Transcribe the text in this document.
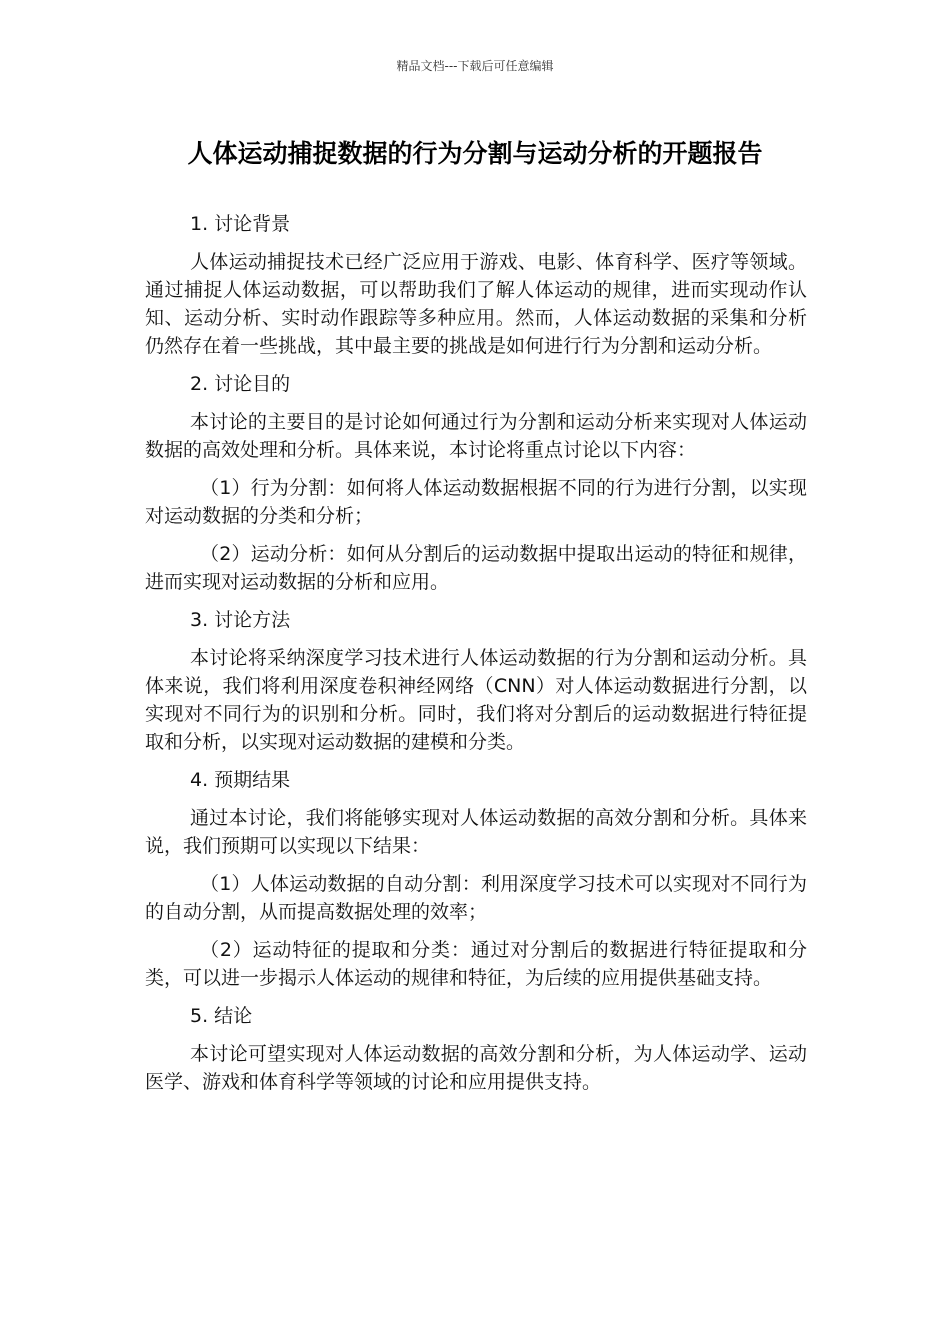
精品文档---下载后可任意编辑
人体运动捕捉数据的行为分割与运动分析的开题报告
1. 讨论背景
人体运动捕捉技术已经广泛应用于游戏、电影、体育科学、医疗等领域。通过捕捉人体运动数据，可以帮助我们了解人体运动的规律，进而实现动作认知、运动分析、实时动作跟踪等多种应用。然而，人体运动数据的采集和分析仍然存在着一些挑战，其中最主要的挑战是如何进行行为分割和运动分析。
2. 讨论目的
本讨论的主要目的是讨论如何通过行为分割和运动分析来实现对人体运动数据的高效处理和分析。具体来说，本讨论将重点讨论以下内容：
（1）行为分割：如何将人体运动数据根据不同的行为进行分割，以实现对运动数据的分类和分析；
（2）运动分析：如何从分割后的运动数据中提取出运动的特征和规律，进而实现对运动数据的分析和应用。
3. 讨论方法
本讨论将采纳深度学习技术进行人体运动数据的行为分割和运动分析。具体来说，我们将利用深度卷积神经网络（CNN）对人体运动数据进行分割，以实现对不同行为的识别和分析。同时，我们将对分割后的运动数据进行特征提取和分析，以实现对运动数据的建模和分类。
4. 预期结果
通过本讨论，我们将能够实现对人体运动数据的高效分割和分析。具体来说，我们预期可以实现以下结果：
（1）人体运动数据的自动分割：利用深度学习技术可以实现对不同行为的自动分割，从而提高数据处理的效率；
（2）运动特征的提取和分类：通过对分割后的数据进行特征提取和分类，可以进一步揭示人体运动的规律和特征，为后续的应用提供基础支持。
5. 结论
本讨论可望实现对人体运动数据的高效分割和分析，为人体运动学、运动医学、游戏和体育科学等领域的讨论和应用提供支持。
